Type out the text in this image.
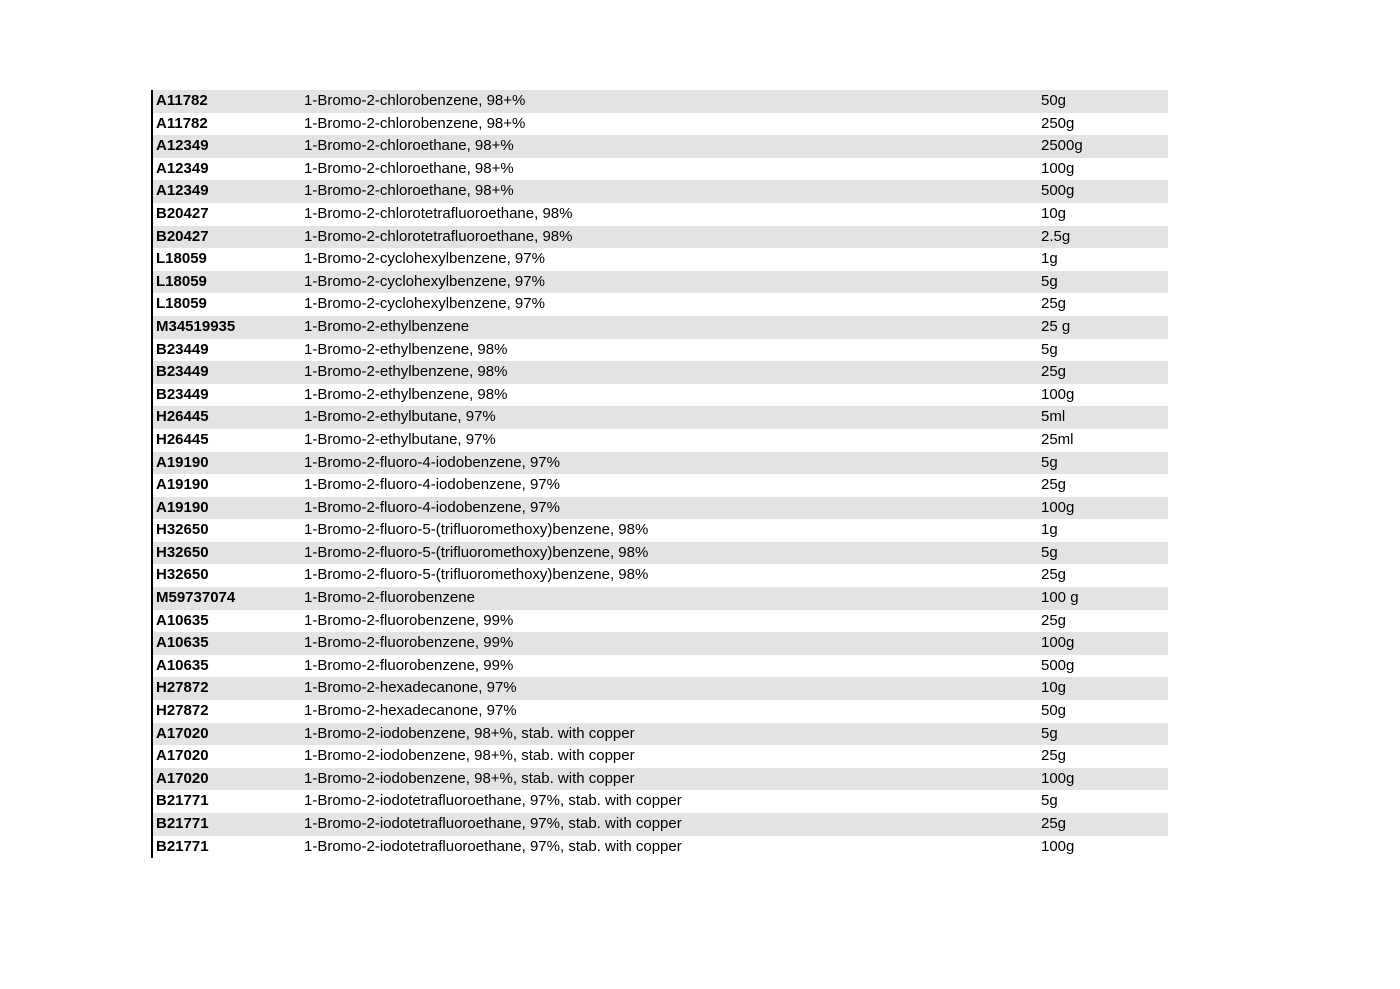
A11782	1-Bromo-2-chlorobenzene, 98+%	50g
A11782	1-Bromo-2-chlorobenzene, 98+%	250g
A12349	1-Bromo-2-chloroethane, 98+%	2500g
A12349	1-Bromo-2-chloroethane, 98+%	100g
A12349	1-Bromo-2-chloroethane, 98+%	500g
B20427	1-Bromo-2-chlorotetrafluoroethane, 98%	10g
B20427	1-Bromo-2-chlorotetrafluoroethane, 98%	2.5g
L18059	1-Bromo-2-cyclohexylbenzene, 97%	1g
L18059	1-Bromo-2-cyclohexylbenzene, 97%	5g
L18059	1-Bromo-2-cyclohexylbenzene, 97%	25g
M34519935	1-Bromo-2-ethylbenzene	25 g
B23449	1-Bromo-2-ethylbenzene, 98%	5g
B23449	1-Bromo-2-ethylbenzene, 98%	25g
B23449	1-Bromo-2-ethylbenzene, 98%	100g
H26445	1-Bromo-2-ethylbutane, 97%	5ml
H26445	1-Bromo-2-ethylbutane, 97%	25ml
A19190	1-Bromo-2-fluoro-4-iodobenzene, 97%	5g
A19190	1-Bromo-2-fluoro-4-iodobenzene, 97%	25g
A19190	1-Bromo-2-fluoro-4-iodobenzene, 97%	100g
H32650	1-Bromo-2-fluoro-5-(trifluoromethoxy)benzene, 98%	1g
H32650	1-Bromo-2-fluoro-5-(trifluoromethoxy)benzene, 98%	5g
H32650	1-Bromo-2-fluoro-5-(trifluoromethoxy)benzene, 98%	25g
M59737074	1-Bromo-2-fluorobenzene	100 g
A10635	1-Bromo-2-fluorobenzene, 99%	25g
A10635	1-Bromo-2-fluorobenzene, 99%	100g
A10635	1-Bromo-2-fluorobenzene, 99%	500g
H27872	1-Bromo-2-hexadecanone, 97%	10g
H27872	1-Bromo-2-hexadecanone, 97%	50g
A17020	1-Bromo-2-iodobenzene, 98+%, stab. with copper	5g
A17020	1-Bromo-2-iodobenzene, 98+%, stab. with copper	25g
A17020	1-Bromo-2-iodobenzene, 98+%, stab. with copper	100g
B21771	1-Bromo-2-iodotetrafluoroethane, 97%, stab. with copper	5g
B21771	1-Bromo-2-iodotetrafluoroethane, 97%, stab. with copper	25g
B21771	1-Bromo-2-iodotetrafluoroethane, 97%, stab. with copper	100g
